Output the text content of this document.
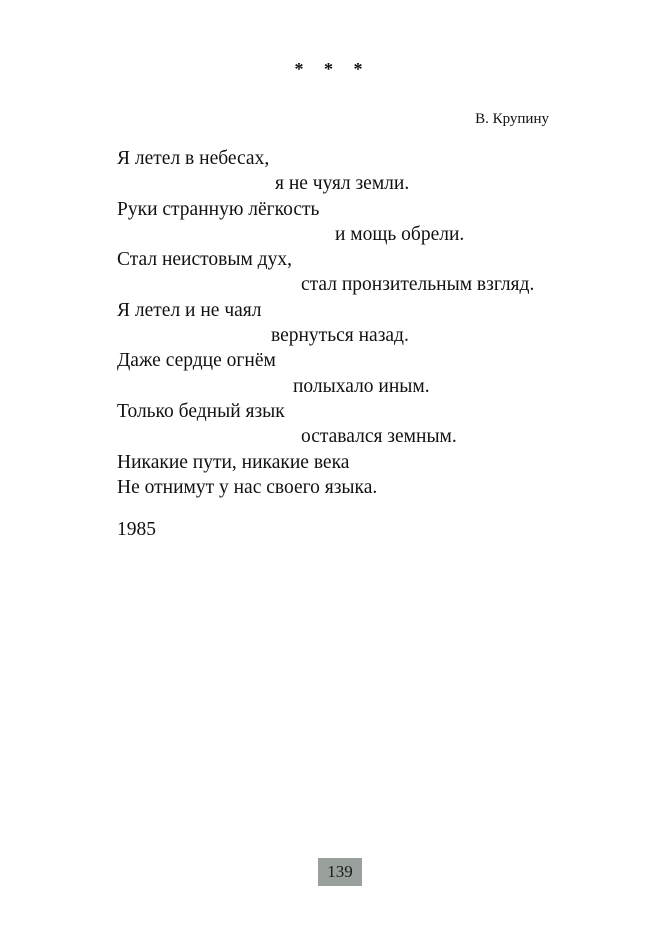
* * *
В. Крупину
Я летел в небесах,
я не чуял земли.
Руки странную лёгкость
и мощь обрели.
Стал неистовым дух,
стал пронзительным взгляд.
Я летел и не чаял
вернуться назад.
Даже сердце огнём
полыхало иным.
Только бедный язык
оставался земным.
Никакие пути, никакие века
Не отнимут у нас своего языка.
1985
139
